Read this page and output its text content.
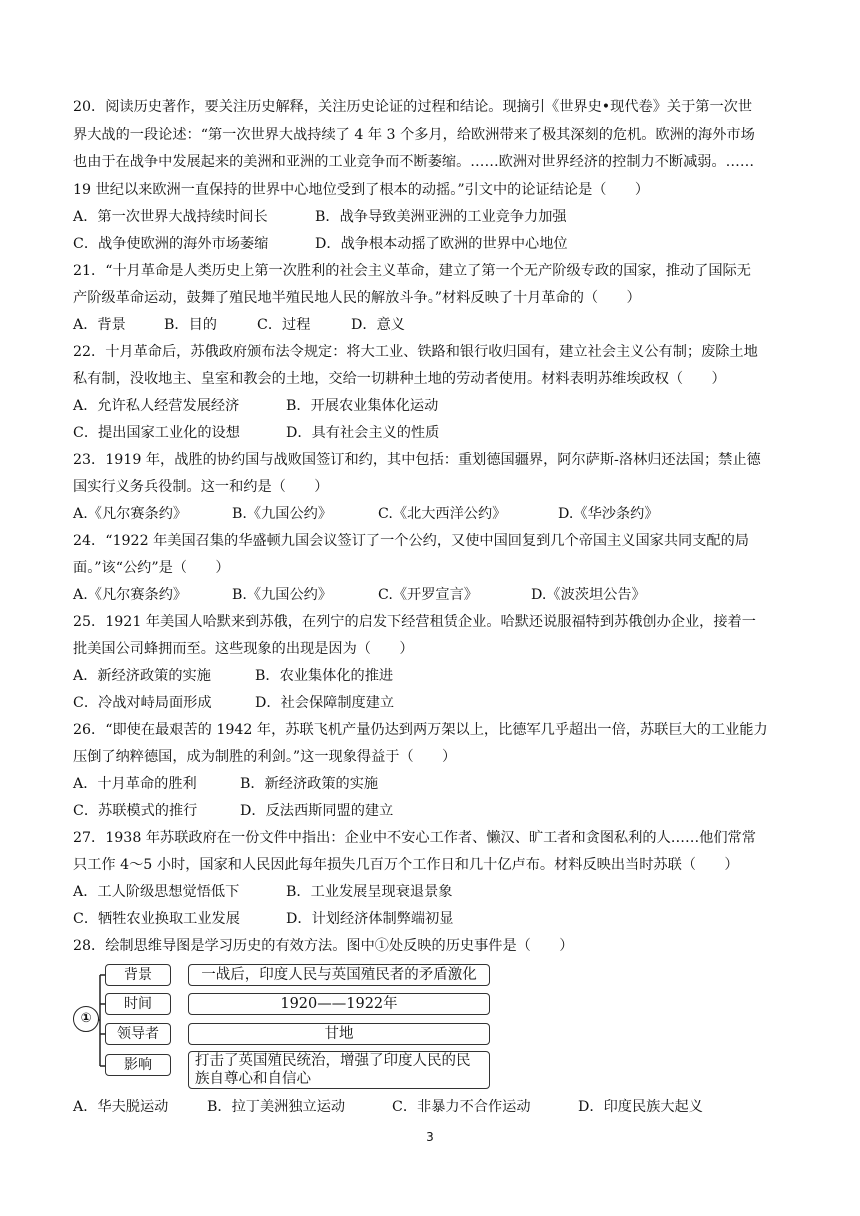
20．阅读历史著作，要关注历史解释，关注历史论证的过程和结论。现摘引《世界史•现代卷》关于第一次世
界大战的一段论述：“第一次世界大战持续了 4 年 3 个多月，给欧洲带来了极其深刻的危机。欧洲的海外市场
也由于在战争中发展起来的美洲和亚洲的工业竞争而不断萎缩。……欧洲对世界经济的控制力不断减弱。……
19 世纪以来欧洲一直保持的世界中心地位受到了根本的动摇。”引文中的论证结论是（　　）
A．第一次世界大战持续时间长	B．战争导致美洲亚洲的工业竞争力加强
C．战争使欧洲的海外市场萎缩	D．战争根本动摇了欧洲的世界中心地位
21．“十月革命是人类历史上第一次胜利的社会主义革命，建立了第一个无产阶级专政的国家，推动了国际无
产阶级革命运动，鼓舞了殖民地半殖民地人民的解放斗争。”材料反映了十月革命的（　　）
A．背景	B．目的	C．过程	D．意义
22．十月革命后，苏俄政府颁布法令规定：将大工业、铁路和银行收归国有，建立社会主义公有制；废除土地
私有制，没收地主、皇室和教会的土地，交给一切耕种土地的劳动者使用。材料表明苏维埃政权（　　）
A．允许私人经营发展经济	B．开展农业集体化运动
C．提出国家工业化的设想	D．具有社会主义的性质
23．1919 年，战胜的协约国与战败国签订和约，其中包括：重划德国疆界，阿尔萨斯-洛林归还法国；禁止德
国实行义务兵役制。这一和约是（　　）
A.《凡尔赛条约》	B.《九国公约》	C.《北大西洋公约》	D.《华沙条约》
24．“1922 年美国召集的华盛顿九国会议签订了一个公约，又使中国回复到几个帝国主义国家共同支配的局
面。”该“公约”是（　　）
A.《凡尔赛条约》	B.《九国公约》	C.《开罗宣言》	D.《波茨坦公告》
25．1921 年美国人哈默来到苏俄，在列宁的启发下经营租赁企业。哈默还说服福特到苏俄创办企业，接着一
批美国公司蜂拥而至。这些现象的出现是因为（　　）
A．新经济政策的实施	B．农业集体化的推进
C．冷战对峙局面形成	D．社会保障制度建立
26．“即使在最艰苦的 1942 年，苏联飞机产量仍达到两万架以上，比德军几乎超出一倍，苏联巨大的工业能力
压倒了纳粹德国，成为制胜的利剑。”这一现象得益于（　　）
A．十月革命的胜利	B．新经济政策的实施
C．苏联模式的推行	D．反法西斯同盟的建立
27．1938 年苏联政府在一份文件中指出：企业中不安心工作者、懒汉、旷工者和贪图私利的人……他们常常
只工作 4～5 小时，国家和人民因此每年损失几百万个工作日和几十亿卢布。材料反映出当时苏联（　　）
A．工人阶级思想觉悟低下	B．工业发展呈现衰退景象
C．牺牲农业换取工业发展	D．计划经济体制弊端初显
28．绘制思维导图是学习历史的有效方法。图中①处反映的历史事件是（　　）
①
背景	一战后，印度人民与英国殖民者的矛盾激化
时间	1920——1922年
领导者	甘地
影响	打击了英国殖民统治，增强了印度人民的民族自尊心和自信心
A．华夫脱运动	B．拉丁美洲独立运动	C．非暴力不合作运动	D．印度民族大起义
3
